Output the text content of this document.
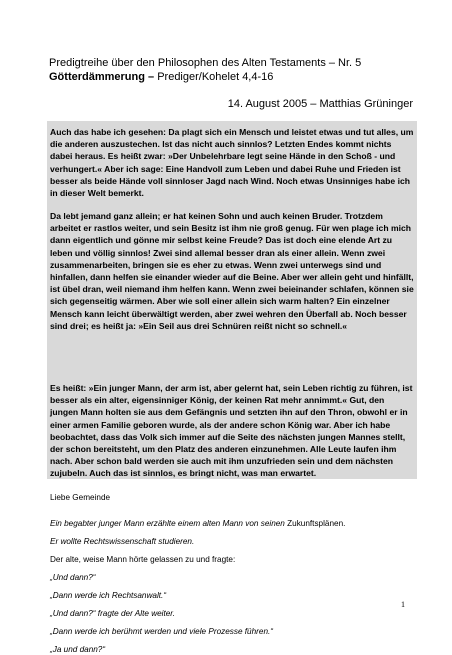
Predigtreihe über den Philosophen des Alten Testaments – Nr. 5
Götterdämmerung – Prediger/Kohelet 4,4-16
14. August 2005 – Matthias Grüninger

Auch das habe ich gesehen: Da plagt sich ein Mensch und leistet etwas und tut alles, um die anderen auszustechen. Ist das nicht auch sinnlos? Letzten Endes kommt nichts dabei heraus. Es heißt zwar: »Der Unbelehrbare legt seine Hände in den Schoß - und verhungert.« Aber ich sage: Eine Handvoll zum Leben und dabei Ruhe und Frieden ist besser als beide Hände voll sinnloser Jagd nach Wind. Noch etwas Unsinniges habe ich in dieser Welt bemerkt.

Da lebt jemand ganz allein; er hat keinen Sohn und auch keinen Bruder. Trotzdem arbeitet er rastlos weiter, und sein Besitz ist ihm nie groß genug. Für wen plage ich mich dann eigentlich und gönne mir selbst keine Freude? Das ist doch eine elende Art zu leben und völlig sinnlos! Zwei sind allemal besser dran als einer allein. Wenn zwei zusammenarbeiten, bringen sie es eher zu etwas. Wenn zwei unterwegs sind und hinfallen, dann helfen sie einander wieder auf die Beine. Aber wer allein geht und hinfällt, ist übel dran, weil niemand ihm helfen kann. Wenn zwei beieinander schlafen, können sie sich gegenseitig wärmen. Aber wie soll einer allein sich warm halten? Ein einzelner Mensch kann leicht überwältigt werden, aber zwei wehren den Überfall ab. Noch besser sind drei; es heißt ja: »Ein Seil aus drei Schnüren reißt nicht so schnell.«

Es heißt: »Ein junger Mann, der arm ist, aber gelernt hat, sein Leben richtig zu führen, ist besser als ein alter, eigensinniger König, der keinen Rat mehr annimmt.« Gut, den jungen Mann holten sie aus dem Gefängnis und setzten ihn auf den Thron, obwohl er in einer armen Familie geboren wurde, als der andere schon König war. Aber ich habe beobachtet, dass das Volk sich immer auf die Seite des nächsten jungen Mannes stellt, der schon bereitsteht, um den Platz des anderen einzunehmen. Alle Leute laufen ihm nach. Aber schon bald werden sie auch mit ihm unzufrieden sein und dem nächsten zujubeln. Auch das ist sinnlos, es bringt nicht, was man erwartet.

Liebe Gemeinde
Ein begabter junger Mann erzählte einem alten Mann von seinen Zukunftsplänen.
Er wollte Rechtswissenschaft studieren.
Der alte, weise Mann hörte gelassen zu und fragte:
„Und dann?“
„Dann werde ich Rechtsanwalt.“
„Und dann?“ fragte der Alte weiter.
„Dann werde ich berühmt werden und viele Prozesse führen.“
„Ja und dann?“
1
